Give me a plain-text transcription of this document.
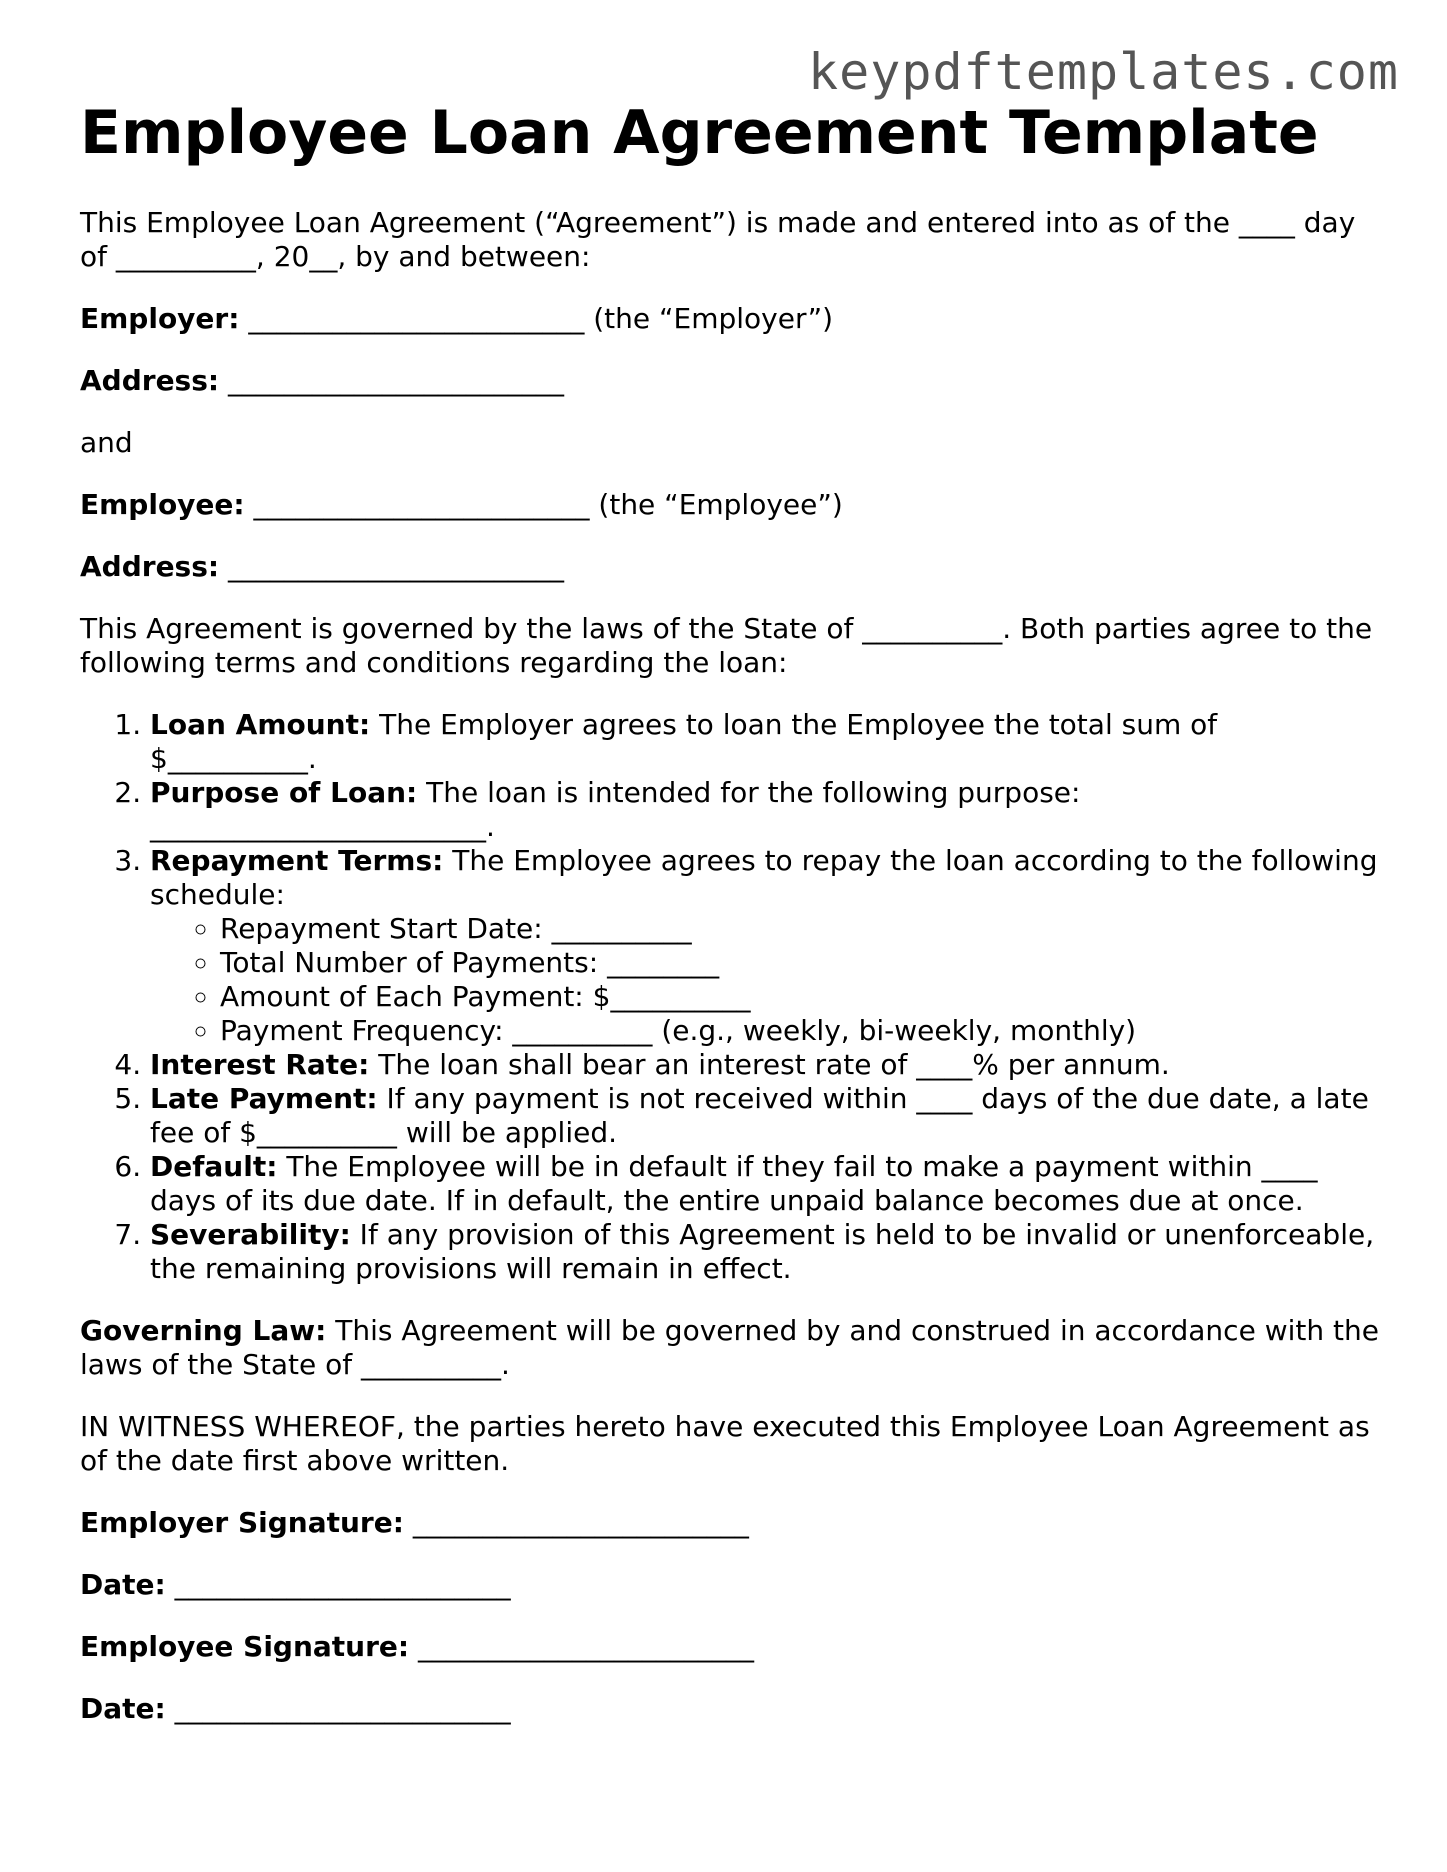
keypdftemplates.com
Employee Loan Agreement Template

This Employee Loan Agreement (“Agreement”) is made and entered into as of the ____ day of __________, 20__, by and between:

Employer: ________________________ (the “Employer”)

Address: ________________________

and

Employee: ________________________ (the “Employee”)

Address: ________________________

This Agreement is governed by the laws of the State of __________. Both parties agree to the following terms and conditions regarding the loan:

1. Loan Amount: The Employer agrees to loan the Employee the total sum of $__________.
2. Purpose of Loan: The loan is intended for the following purpose: ________________________.
3. Repayment Terms: The Employee agrees to repay the loan according to the following schedule:
◦ Repayment Start Date: __________
◦ Total Number of Payments: ________
◦ Amount of Each Payment: $__________
◦ Payment Frequency: __________ (e.g., weekly, bi-weekly, monthly)
4. Interest Rate: The loan shall bear an interest rate of ____% per annum.
5. Late Payment: If any payment is not received within ____ days of the due date, a late fee of $__________ will be applied.
6. Default: The Employee will be in default if they fail to make a payment within ____ days of its due date. If in default, the entire unpaid balance becomes due at once.
7. Severability: If any provision of this Agreement is held to be invalid or unenforceable, the remaining provisions will remain in effect.

Governing Law: This Agreement will be governed by and construed in accordance with the laws of the State of __________.

IN WITNESS WHEREOF, the parties hereto have executed this Employee Loan Agreement as of the date first above written.

Employer Signature: ________________________

Date: ________________________

Employee Signature: ________________________

Date: ________________________
